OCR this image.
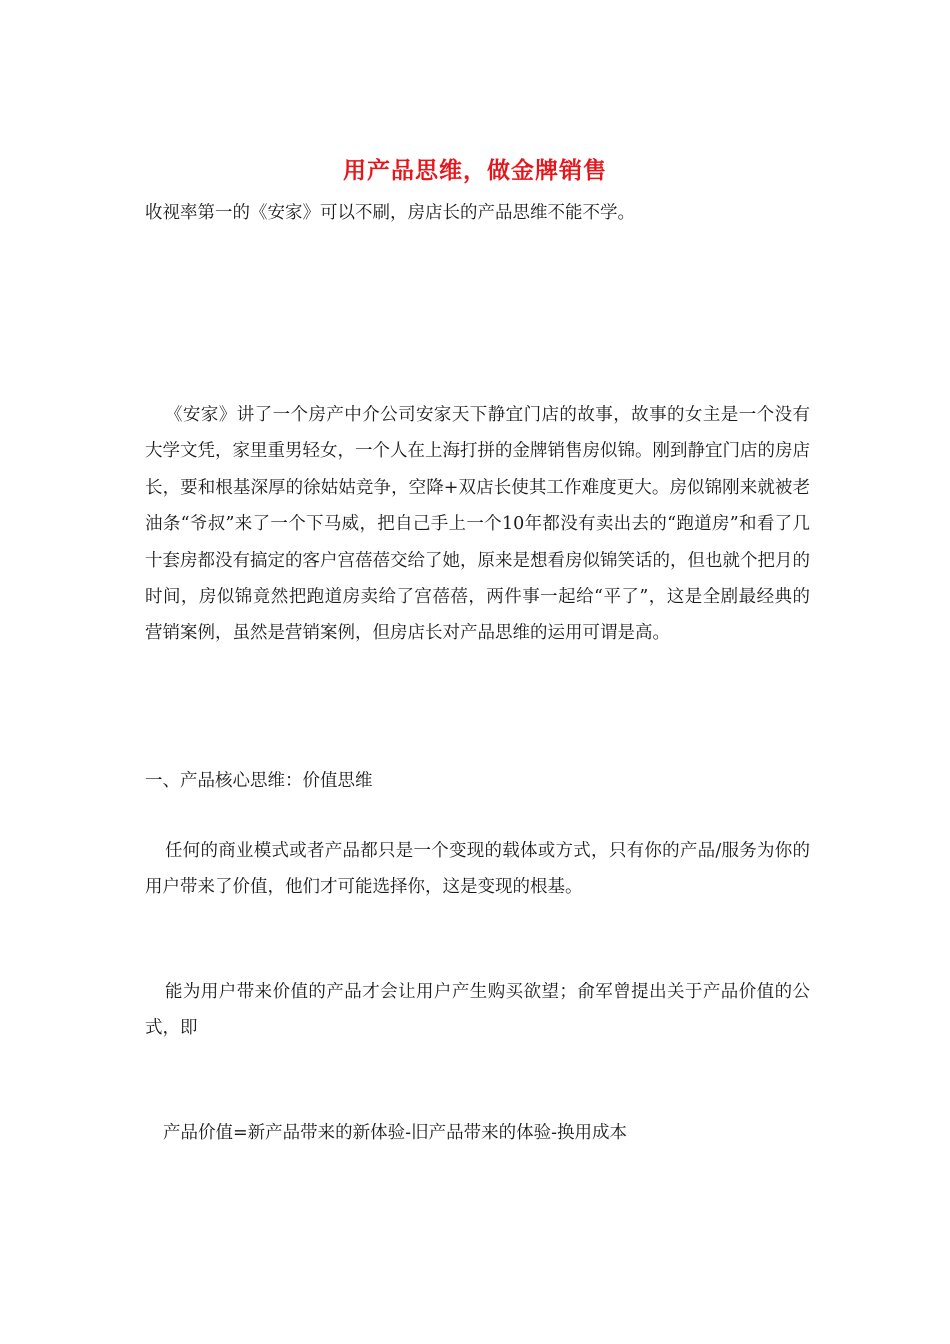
用产品思维，做金牌销售

收视率第一的《安家》可以不刷，房店长的产品思维不能不学。

《安家》讲了一个房产中介公司安家天下静宜门店的故事，故事的女主是一个没有大学文凭，家里重男轻女，一个人在上海打拼的金牌销售房似锦。刚到静宜门店的房店长，要和根基深厚的徐姑姑竞争，空降+双店长使其工作难度更大。房似锦刚来就被老油条“爷叔”来了一个下马威，把自己手上一个10年都没有卖出去的“跑道房”和看了几十套房都没有搞定的客户宫蓓蓓交给了她，原来是想看房似锦笑话的，但也就个把月的时间，房似锦竟然把跑道房卖给了宫蓓蓓，两件事一起给“平了”，这是全剧最经典的营销案例，虽然是营销案例，但房店长对产品思维的运用可谓是高。

一、产品核心思维：价值思维

任何的商业模式或者产品都只是一个变现的载体或方式，只有你的产品/服务为你的用户带来了价值，他们才可能选择你，这是变现的根基。

能为用户带来价值的产品才会让用户产生购买欲望；俞军曾提出关于产品价值的公式，即

产品价值=新产品带来的新体验-旧产品带来的体验-换用成本
